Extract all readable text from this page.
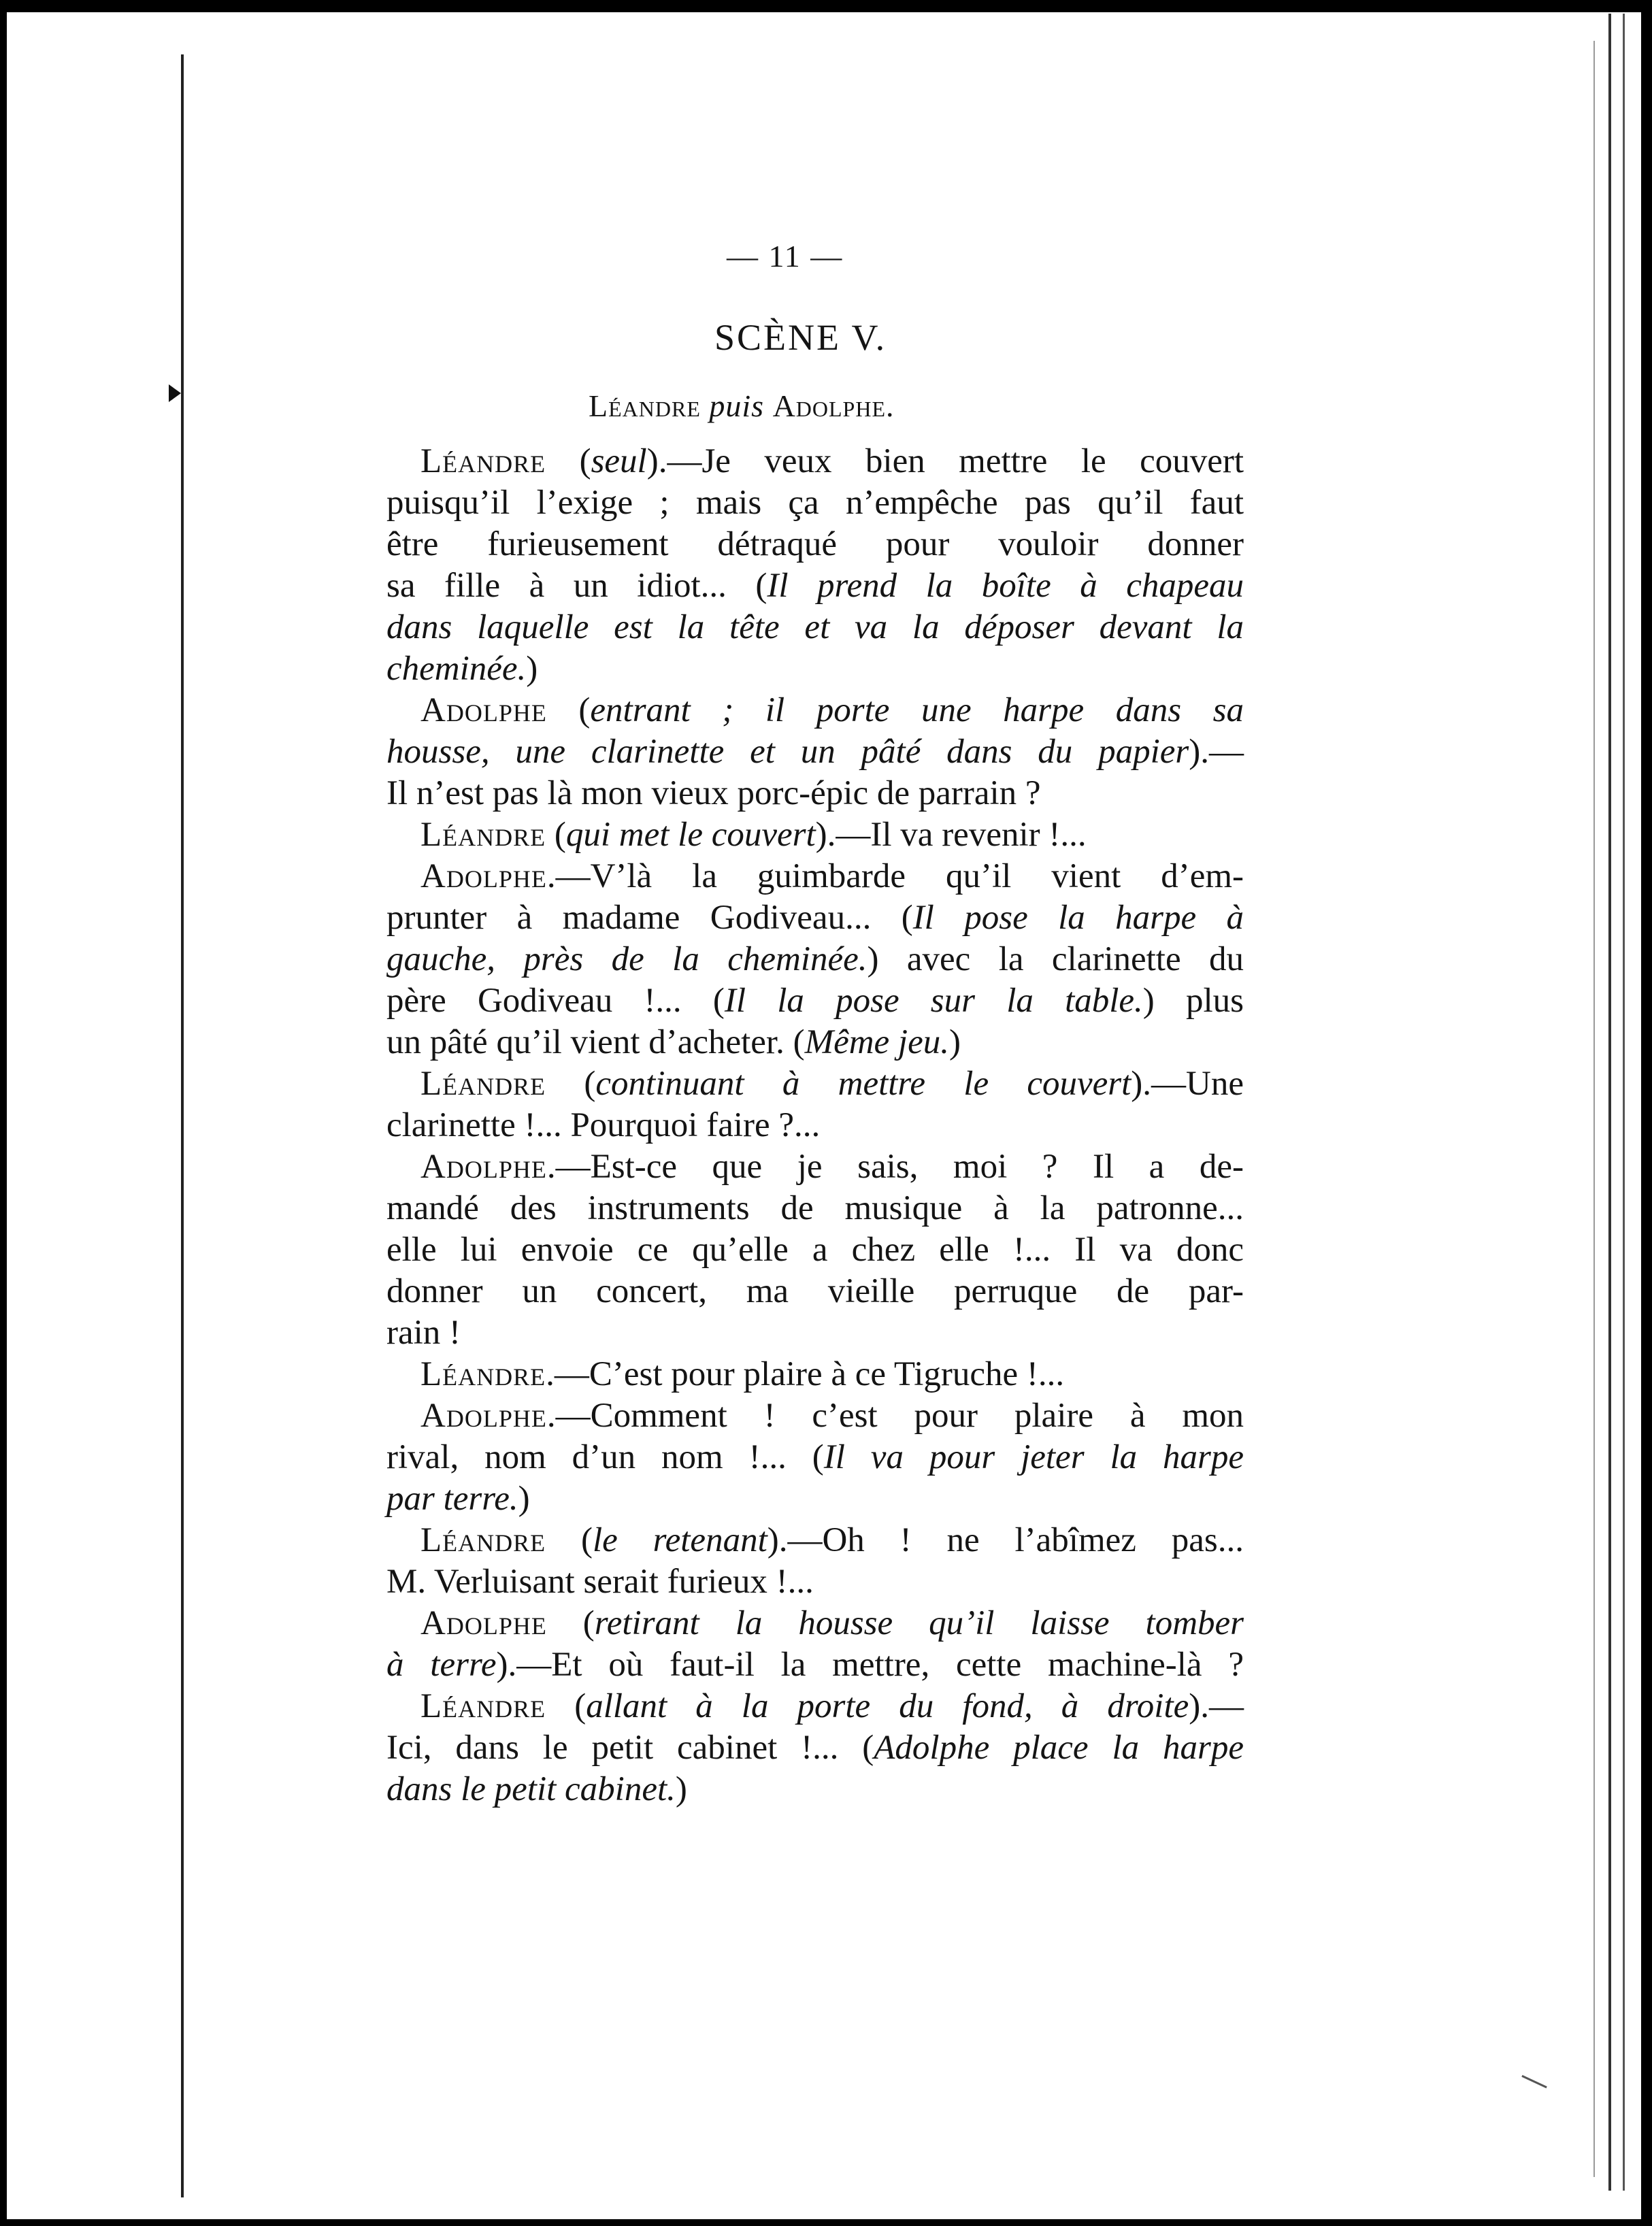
— 11 —
SCÈNE V.
Léandre puis Adolphe.
Léandre (seul).—Je veux bien mettre le couvert
puisqu’il l’exige ; mais ça n’empêche pas qu’il faut
être furieusement détraqué pour vouloir donner
sa fille à un idiot... (Il prend la boîte à chapeau
dans laquelle est la tête et va la déposer devant la
cheminée.)
Adolphe (entrant ; il porte une harpe dans sa
housse, une clarinette et un pâté dans du papier).—
Il n’est pas là mon vieux porc-épic de parrain ?
Léandre (qui met le couvert).—Il va revenir !...
Adolphe.—V’là la guimbarde qu’il vient d’em-
prunter à madame Godiveau... (Il pose la harpe à
gauche, près de la cheminée.) avec la clarinette du
père Godiveau !... (Il la pose sur la table.) plus
un pâté qu’il vient d’acheter. (Même jeu.)
Léandre (continuant à mettre le couvert).—Une
clarinette !... Pourquoi faire ?...
Adolphe.—Est-ce que je sais, moi ? Il a de-
mandé des instruments de musique à la patronne...
elle lui envoie ce qu’elle a chez elle !... Il va donc
donner un concert, ma vieille perruque de par-
rain !
Léandre.—C’est pour plaire à ce Tigruche !...
Adolphe.—Comment ! c’est pour plaire à mon
rival, nom d’un nom !... (Il va pour jeter la harpe
par terre.)
Léandre (le retenant).—Oh ! ne l’abîmez pas...
M. Verluisant serait furieux !...
Adolphe (retirant la housse qu’il laisse tomber
à terre).—Et où faut-il la mettre, cette machine-là ?
Léandre (allant à la porte du fond, à droite).—
Ici, dans le petit cabinet !... (Adolphe place la harpe
dans le petit cabinet.)
